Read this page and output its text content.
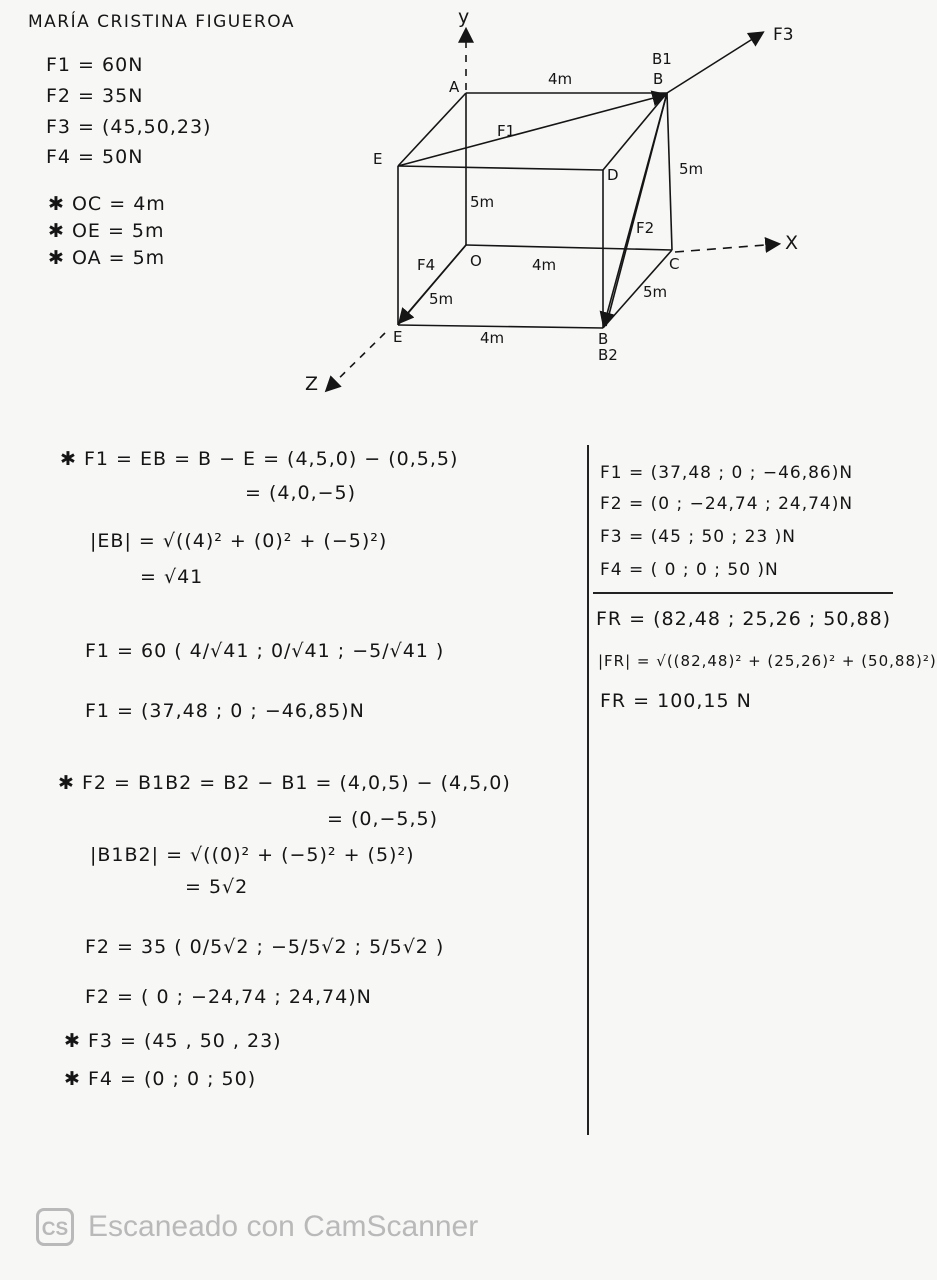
MARÍA CRISTINA FIGUEROA
F1 = 60N
F2 = 35N
F3 = (45,50,23)
F4 = 50N
✱ OC = 4m
✱ OE = 5m
✱ OA = 5m
y
X
Z
A
B1
B
D
E
O	C
E	B
B2
4m
5m
5m
4m
5m	5m
4m
F1
F2
F3
F4
✱ F1 = EB = B − E = (4,5,0) − (0,5,5)
= (4,0,−5)
|EB| = √((4)² + (0)² + (−5)²)
= √41
F1 = 60 ( 4/√41 ; 0/√41 ; −5/√41 )
F1 = (37,48 ; 0 ; −46,85)N
✱ F2 = B1B2 = B2 − B1 = (4,0,5) − (4,5,0)
= (0,−5,5)
|B1B2| = √((0)² + (−5)² + (5)²)
= 5√2
F2 = 35 ( 0/5√2 ; −5/5√2 ; 5/5√2 )
F2 = ( 0 ; −24,74 ; 24,74)N
✱ F3 = (45 , 50 , 23)
✱ F4 = (0 ; 0 ; 50)
F1 = (37,48 ; 0 ; −46,86)N
F2 = (0 ; −24,74 ; 24,74)N
F3 = (45 ; 50 ; 23 )N
F4 = ( 0 ; 0 ; 50 )N
FR = (82,48 ; 25,26 ; 50,88)
|FR| = √((82,48)² + (25,26)² + (50,88)²)
FR = 100,15 N
CS Escaneado con CamScanner
